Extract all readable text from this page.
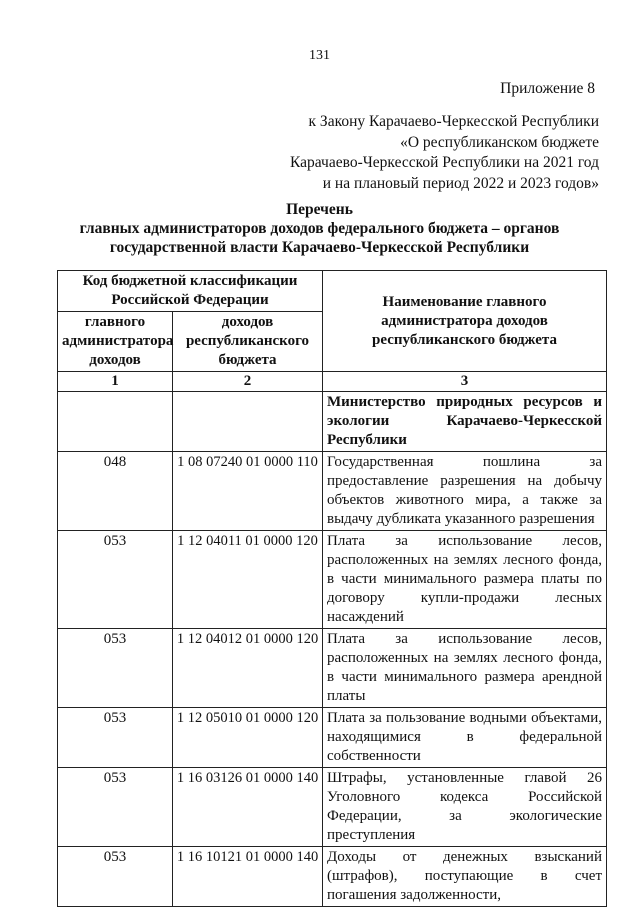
131
Приложение 8
к Закону Карачаево-Черкесской Республики
«О республиканском бюджете
Карачаево-Черкесской Республики на 2021 год
и на плановый период 2022 и 2023 годов»
Перечень
главных администраторов доходов федерального бюджета – органов
государственной власти Карачаево-Черкесской Республики
Код бюджетной классификации Российской Федерации		Наименование главного администратора доходов республиканского бюджета
главного администратора доходов	доходов республиканского бюджета	
1	2	3
		Министерство природных ресурсов и экологии Карачаево-Черкесской Республики
048	1 08 07240 01 0000 110	Государственная пошлина за предоставление разрешения на добычу объектов животного мира, а также за выдачу дубликата указанного разрешения
053	1 12 04011 01 0000 120	Плата за использование лесов, расположенных на землях лесного фонда, в части минимального размера платы по договору купли-продажи лесных насаждений
053	1 12 04012 01 0000 120	Плата за использование лесов, расположенных на землях лесного фонда, в части минимального размера арендной платы
053	1 12 05010 01 0000 120	Плата за пользование водными объектами, находящимися в федеральной собственности
053	1 16 03126 01 0000 140	Штрафы, установленные главой 26 Уголовного кодекса Российской Федерации, за экологические преступления
053	1 16 10121 01 0000 140	Доходы от денежных взысканий (штрафов), поступающие в счет погашения задолженности,
